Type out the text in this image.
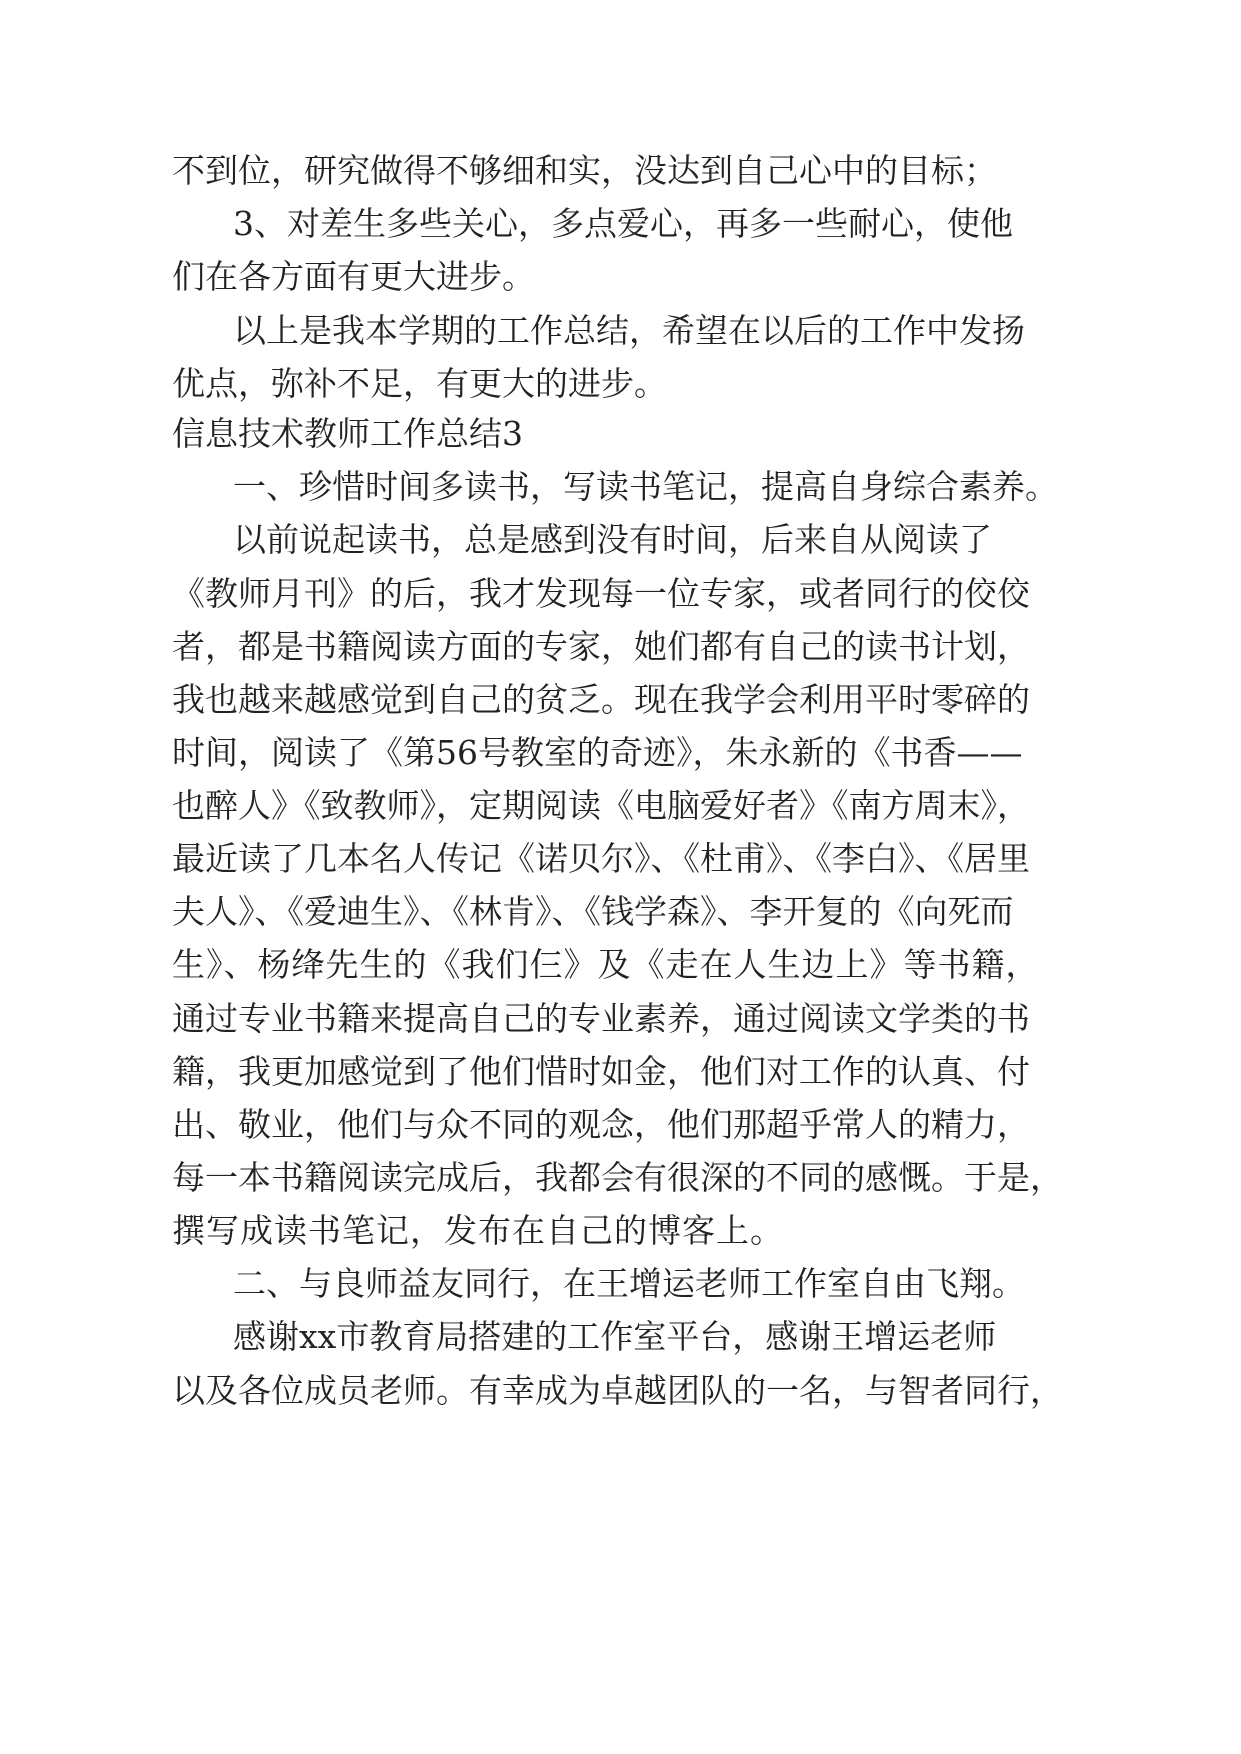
不到位，研究做得不够细和实，没达到自己心中的目标；
3、对差生多些关心，多点爱心，再多一些耐心，使他
们在各方面有更大进步。
以上是我本学期的工作总结，希望在以后的工作中发扬
优点，弥补不足，有更大的进步。
信息技术教师工作总结3
一、珍惜时间多读书，写读书笔记，提高自身综合素养。
以前说起读书，总是感到没有时间，后来自从阅读了
《教师月刊》的后，我才发现每一位专家，或者同行的佼佼
者，都是书籍阅读方面的专家，她们都有自己的读书计划，
我也越来越感觉到自己的贫乏。现在我学会利用平时零碎的
时间，阅读了《第56号教室的奇迹》，朱永新的《书香——
也醉人》《致教师》，定期阅读《电脑爱好者》《南方周末》，
最近读了几本名人传记《诺贝尔》、《杜甫》、《李白》、《居里
夫人》、《爱迪生》、《林肯》、《钱学森》、李开复的《向死而
生》、杨绛先生的《我们仨》及《走在人生边上》等书籍，
通过专业书籍来提高自己的专业素养，通过阅读文学类的书
籍，我更加感觉到了他们惜时如金，他们对工作的认真、付
出、敬业，他们与众不同的观念，他们那超乎常人的精力，
每一本书籍阅读完成后，我都会有很深的不同的感慨。于是，
撰写成读书笔记，发布在自己的博客上。
二、与良师益友同行，在王增运老师工作室自由飞翔。
感谢xx市教育局搭建的工作室平台，感谢王增运老师
以及各位成员老师。有幸成为卓越团队的一名，与智者同行，
